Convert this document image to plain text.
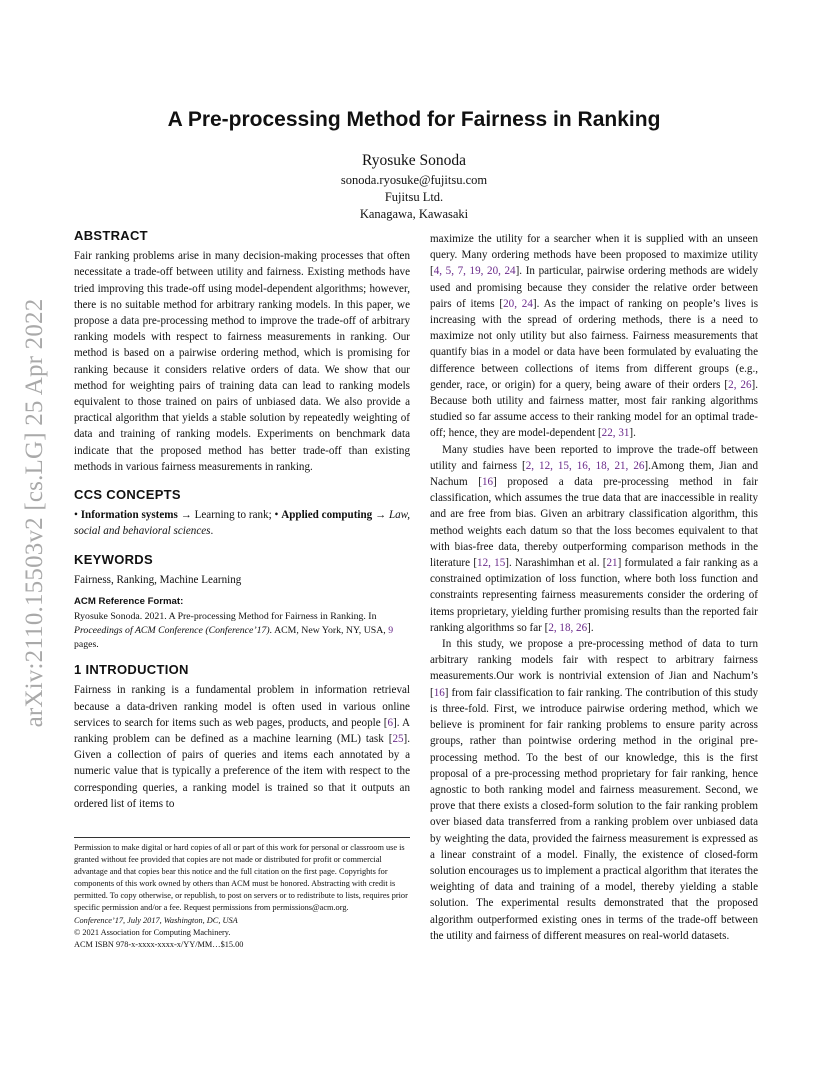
arXiv:2110.15503v2 [cs.LG] 25 Apr 2022
A Pre-processing Method for Fairness in Ranking
Ryosuke Sonoda
sonoda.ryosuke@fujitsu.com
Fujitsu Ltd.
Kanagawa, Kawasaki
ABSTRACT

Fair ranking problems arise in many decision-making processes that often necessitate a trade-off between utility and fairness. Existing methods have tried improving this trade-off using model-dependent algorithms; however, there is no suitable method for arbitrary ranking models. In this paper, we propose a data pre-processing method to improve the trade-off of arbitrary ranking models with respect to fairness measurements in ranking. Our method is based on a pairwise ordering method, which is promising for ranking because it considers relative orders of data. We show that our method for weighting pairs of training data can lead to ranking models equivalent to those trained on pairs of unbiased data. We also provide a practical algorithm that yields a stable solution by repeatedly weighting of data and training of ranking models. Experiments on benchmark data indicate that the proposed method has better trade-off than existing methods in various fairness measurements in ranking.

CCS CONCEPTS

• Information systems → Learning to rank; • Applied computing → Law, social and behavioral sciences.

KEYWORDS

Fairness, Ranking, Machine Learning

ACM Reference Format:

Ryosuke Sonoda. 2021. A Pre-processing Method for Fairness in Ranking. In Proceedings of ACM Conference (Conference’17). ACM, New York, NY, USA, 9 pages.

1 INTRODUCTION

Fairness in ranking is a fundamental problem in information retrieval because a data-driven ranking model is often used in various online services to search for items such as web pages, products, and people [6]. A ranking problem can be defined as a machine learning (ML) task [25]. Given a collection of pairs of queries and items each annotated by a numeric value that is typically a preference of the item with respect to the corresponding queries, a ranking model is trained so that it outputs an ordered list of items to

Permission to make digital or hard copies of all or part of this work for personal or classroom use is granted without fee provided that copies are not made or distributed for profit or commercial advantage and that copies bear this notice and the full citation on the first page. Copyrights for components of this work owned by others than ACM must be honored. Abstracting with credit is permitted. To copy otherwise, or republish, to post on servers or to redistribute to lists, requires prior specific permission and/or a fee. Request permissions from permissions@acm.org.

Conference’17, July 2017, Washington, DC, USA

© 2021 Association for Computing Machinery.

ACM ISBN 978-x-xxxx-xxxx-x/YY/MM…$15.00

maximize the utility for a searcher when it is supplied with an unseen query. Many ordering methods have been proposed to maximize utility [4, 5, 7, 19, 20, 24]. In particular, pairwise ordering methods are widely used and promising because they consider the relative order between pairs of items [20, 24]. As the impact of ranking on people’s lives is increasing with the spread of ordering methods, there is a need to maximize not only utility but also fairness. Fairness measurements that quantify bias in a model or data have been formulated by evaluating the difference between collections of items from different groups (e.g., gender, race, or origin) for a query, being aware of their orders [2, 26]. Because both utility and fairness matter, most fair ranking algorithms studied so far assume access to their ranking model for an optimal trade-off; hence, they are model-dependent [22, 31].

Many studies have been reported to improve the trade-off between utility and fairness [2, 12, 15, 16, 18, 21, 26].Among them, Jian and Nachum [16] proposed a data pre-processing method in fair classification, which assumes the true data that are inaccessible in reality and are free from bias. Given an arbitrary classification algorithm, this method weights each datum so that the loss becomes equivalent to that with bias-free data, thereby outperforming comparison methods in the literature [12, 15]. Narashimhan et al. [21] formulated a fair ranking as a constrained optimization of loss function, where both loss function and constraints representing fairness measurements consider the ordering of items proprietary, yielding further promising results than the reported fair ranking algorithms so far [2, 18, 26].

In this study, we propose a pre-processing method of data to turn arbitrary ranking models fair with respect to arbitrary fairness measurements.Our work is nontrivial extension of Jian and Nachum’s [16] from fair classification to fair ranking. The contribution of this study is three-fold. First, we introduce pairwise ordering method, which we believe is prominent for fair ranking problems to ensure parity across groups, rather than pointwise ordering method in the original pre-processing method. To the best of our knowledge, this is the first proposal of a pre-processing method proprietary for fair ranking, hence agnostic to both ranking model and fairness measurement. Second, we prove that there exists a closed-form solution to the fair ranking problem over biased data transferred from a ranking problem over unbiased data by weighting the data, provided the fairness measurement is expressed as a linear constraint of a model. Finally, the existence of closed-form solution encourages us to implement a practical algorithm that iterates the weighting of data and training of a model, thereby yielding a stable solution. The experimental results demonstrated that the proposed algorithm outperformed existing ones in terms of the trade-off between the utility and fairness of different measures on real-world datasets.
